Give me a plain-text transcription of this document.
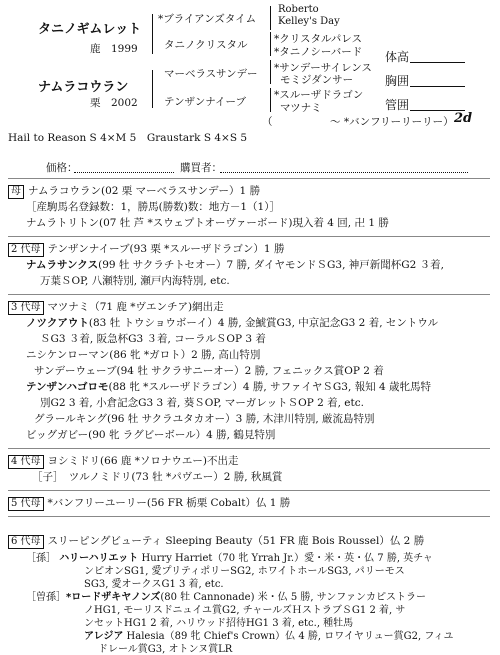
タニノギムレット
鹿　1999
ナムラコウラン
栗　2002
*ブライアンズタイム
タニノクリスタル
マーベラスサンデー
テンザンナイーブ
Roberto
Kelley's Day
*クリスタルパレス
*タニノシーバード
*サンデーサイレンス
モミジダンサー
*スルーザドラゴン
マツナミ
体高
胸囲
管囲
（	～ *バンフリーリーリー） 2d
Hail to Reason S 4×M 5　Graustark S 4×S 5
価格：	購買者：
母 ナムラコウラン(02 栗 マーベラスサンデー）1 勝
［産駒馬名登録数：1，勝馬(勝数)数：地方－1（1）］
ナムラトリトン(07 牡 芦 *スウェプトオーヴァーボード)現入着 4 回, 卍 1 勝
2 代母 テンザンナイーブ(93 栗 *スルーザドラゴン）1 勝
ナムラサンクス(99 牡 サクラチトセオー）7 勝, ダイヤモンドＳG3, 神戸新聞杯G2 ３着,
万葉ＳOP, 八瀬特別, 瀬戸内海特別, etc.
3 代母 マツナミ（71 鹿 *ヴエンチア)網出走
ノツクアウト(83 牡 トウショウボーイ）4 勝, 金鯱賞G3, 中京記念G3 2 着, セントウル
ＳG3 ３着, 阪急杯G3 ３着, コーラルＳOP 3 着
ニシケンローマン(86 牝 *ガロト）2 勝, 高山特別
サンデーウェーブ(94 牡 サクラサニーオー）2 勝, フェニックス賞OP 2 着
テンザンハゴロモ(88 牝 *スルーザドラゴン）4 勝, サファイヤＳG3, 報知 4 歳牝馬特
別G2 3 着, 小倉記念G3 3 着, 葵ＳOP, マーガレットＳOP 2 着, etc.
グラールキング(96 牡 サクラユタカオー）3 勝, 木津川特別, 厳流島特別
ビッグガビー(90 牝 ラグビーボール）4 勝, 鶴見特別
4 代母 ヨシミドリ(66 鹿 *ソロナウエー)不出走
［子］　 ツルノミドリ(73 牡 *パヴエー）2 勝, 秋風賞
5 代母 *バンフリーユーリー(56 FR 栃栗 Cobalt）仏 1 勝
6 代母 スリーピングビューティ Sleeping Beauty（51 FR 鹿 Bois Roussel）仏 2 勝
［孫］ ハリーハリエット Hurry Harriet（70 牝 Yrrah Jr.）愛・米・英・仏 7 勝, 英チャ
ンピオンSG1, 愛プリティポリーSG2, ホワイトホールSG3, パリーモス
SG3, 愛オークスG1 3 着, etc.
［曽孫］*ロードザキヤノンズ(80 牡 Cannonade) 米・仏 5 勝, サンファンカピストラー
ノHG1, モーリスドニュイユ賞G2, チャールズＨストラブＳG1 2 着, サ
ンセットHG1 2 着, ハリウッド招待HG1 3 着, etc., 種牡馬
アレジア Halesia（89 牝 Chief's Crown）仏 4 勝, ロワイヤリュー賞G2, フィユ
ドレール賞G3, オトンヌ賞LR
